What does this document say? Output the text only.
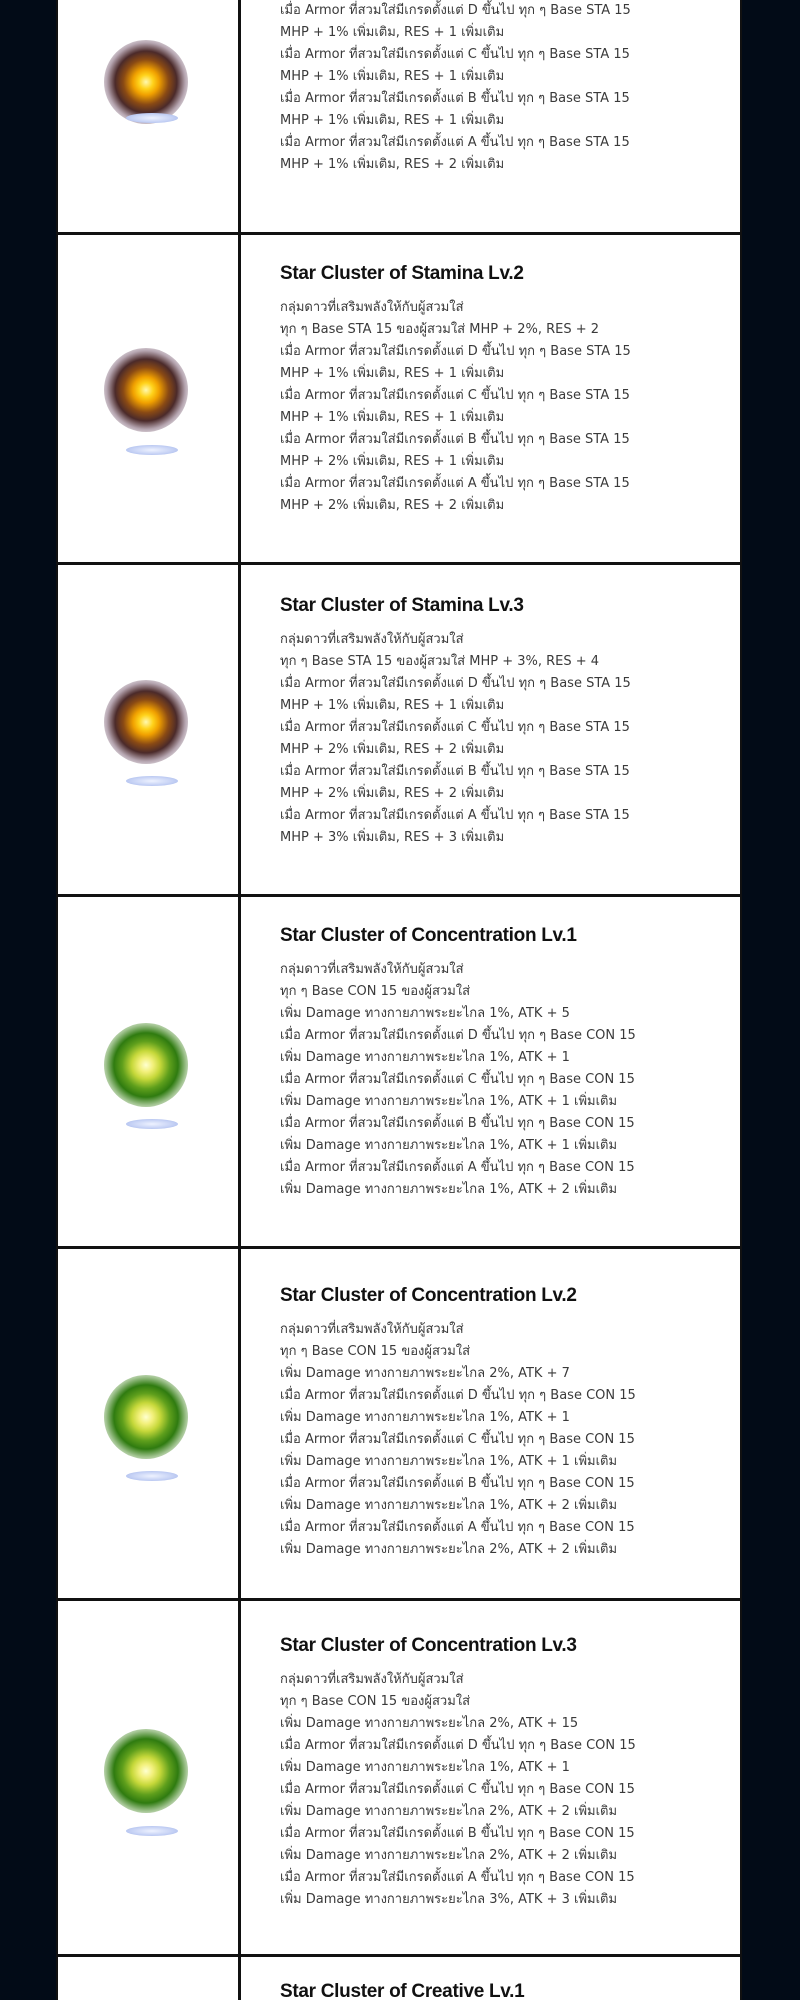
เมื่อ Armor ที่สวมใส่มีเกรดตั้งแต่ D ขึ้นไป ทุก ๆ Base STA 15
MHP + 1% เพิ่มเติม, RES + 1 เพิ่มเติม
เมื่อ Armor ที่สวมใส่มีเกรดตั้งแต่ C ขึ้นไป ทุก ๆ Base STA 15
MHP + 1% เพิ่มเติม, RES + 1 เพิ่มเติม
เมื่อ Armor ที่สวมใส่มีเกรดตั้งแต่ B ขึ้นไป ทุก ๆ Base STA 15
MHP + 1% เพิ่มเติม, RES + 1 เพิ่มเติม
เมื่อ Armor ที่สวมใส่มีเกรดตั้งแต่ A ขึ้นไป ทุก ๆ Base STA 15
MHP + 1% เพิ่มเติม, RES + 2 เพิ่มเติม
Star Cluster of Stamina Lv.2
กลุ่มดาวที่เสริมพลังให้กับผู้สวมใส่
ทุก ๆ Base STA 15 ของผู้สวมใส่ MHP + 2%, RES + 2
เมื่อ Armor ที่สวมใส่มีเกรดตั้งแต่ D ขึ้นไป ทุก ๆ Base STA 15
MHP + 1% เพิ่มเติม, RES + 1 เพิ่มเติม
เมื่อ Armor ที่สวมใส่มีเกรดตั้งแต่ C ขึ้นไป ทุก ๆ Base STA 15
MHP + 1% เพิ่มเติม, RES + 1 เพิ่มเติม
เมื่อ Armor ที่สวมใส่มีเกรดตั้งแต่ B ขึ้นไป ทุก ๆ Base STA 15
MHP + 2% เพิ่มเติม, RES + 1 เพิ่มเติม
เมื่อ Armor ที่สวมใส่มีเกรดตั้งแต่ A ขึ้นไป ทุก ๆ Base STA 15
MHP + 2% เพิ่มเติม, RES + 2 เพิ่มเติม
Star Cluster of Stamina Lv.3
กลุ่มดาวที่เสริมพลังให้กับผู้สวมใส่
ทุก ๆ Base STA 15 ของผู้สวมใส่ MHP + 3%, RES + 4
เมื่อ Armor ที่สวมใส่มีเกรดตั้งแต่ D ขึ้นไป ทุก ๆ Base STA 15
MHP + 1% เพิ่มเติม, RES + 1 เพิ่มเติม
เมื่อ Armor ที่สวมใส่มีเกรดตั้งแต่ C ขึ้นไป ทุก ๆ Base STA 15
MHP + 2% เพิ่มเติม, RES + 2 เพิ่มเติม
เมื่อ Armor ที่สวมใส่มีเกรดตั้งแต่ B ขึ้นไป ทุก ๆ Base STA 15
MHP + 2% เพิ่มเติม, RES + 2 เพิ่มเติม
เมื่อ Armor ที่สวมใส่มีเกรดตั้งแต่ A ขึ้นไป ทุก ๆ Base STA 15
MHP + 3% เพิ่มเติม, RES + 3 เพิ่มเติม
Star Cluster of Concentration Lv.1
กลุ่มดาวที่เสริมพลังให้กับผู้สวมใส่
ทุก ๆ Base CON 15 ของผู้สวมใส่
เพิ่ม Damage ทางกายภาพระยะไกล 1%, ATK + 5
เมื่อ Armor ที่สวมใส่มีเกรดตั้งแต่ D ขึ้นไป ทุก ๆ Base CON 15
เพิ่ม Damage ทางกายภาพระยะไกล 1%, ATK + 1
เมื่อ Armor ที่สวมใส่มีเกรดตั้งแต่ C ขึ้นไป ทุก ๆ Base CON 15
เพิ่ม Damage ทางกายภาพระยะไกล 1%, ATK + 1 เพิ่มเติม
เมื่อ Armor ที่สวมใส่มีเกรดตั้งแต่ B ขึ้นไป ทุก ๆ Base CON 15
เพิ่ม Damage ทางกายภาพระยะไกล 1%, ATK + 1 เพิ่มเติม
เมื่อ Armor ที่สวมใส่มีเกรดตั้งแต่ A ขึ้นไป ทุก ๆ Base CON 15
เพิ่ม Damage ทางกายภาพระยะไกล 1%, ATK + 2 เพิ่มเติม
Star Cluster of Concentration Lv.2
กลุ่มดาวที่เสริมพลังให้กับผู้สวมใส่
ทุก ๆ Base CON 15 ของผู้สวมใส่
เพิ่ม Damage ทางกายภาพระยะไกล 2%, ATK + 7
เมื่อ Armor ที่สวมใส่มีเกรดตั้งแต่ D ขึ้นไป ทุก ๆ Base CON 15
เพิ่ม Damage ทางกายภาพระยะไกล 1%, ATK + 1
เมื่อ Armor ที่สวมใส่มีเกรดตั้งแต่ C ขึ้นไป ทุก ๆ Base CON 15
เพิ่ม Damage ทางกายภาพระยะไกล 1%, ATK + 1 เพิ่มเติม
เมื่อ Armor ที่สวมใส่มีเกรดตั้งแต่ B ขึ้นไป ทุก ๆ Base CON 15
เพิ่ม Damage ทางกายภาพระยะไกล 1%, ATK + 2 เพิ่มเติม
เมื่อ Armor ที่สวมใส่มีเกรดตั้งแต่ A ขึ้นไป ทุก ๆ Base CON 15
เพิ่ม Damage ทางกายภาพระยะไกล 2%, ATK + 2 เพิ่มเติม
Star Cluster of Concentration Lv.3
กลุ่มดาวที่เสริมพลังให้กับผู้สวมใส่
ทุก ๆ Base CON 15 ของผู้สวมใส่
เพิ่ม Damage ทางกายภาพระยะไกล 2%, ATK + 15
เมื่อ Armor ที่สวมใส่มีเกรดตั้งแต่ D ขึ้นไป ทุก ๆ Base CON 15
เพิ่ม Damage ทางกายภาพระยะไกล 1%, ATK + 1
เมื่อ Armor ที่สวมใส่มีเกรดตั้งแต่ C ขึ้นไป ทุก ๆ Base CON 15
เพิ่ม Damage ทางกายภาพระยะไกล 2%, ATK + 2 เพิ่มเติม
เมื่อ Armor ที่สวมใส่มีเกรดตั้งแต่ B ขึ้นไป ทุก ๆ Base CON 15
เพิ่ม Damage ทางกายภาพระยะไกล 2%, ATK + 2 เพิ่มเติม
เมื่อ Armor ที่สวมใส่มีเกรดตั้งแต่ A ขึ้นไป ทุก ๆ Base CON 15
เพิ่ม Damage ทางกายภาพระยะไกล 3%, ATK + 3 เพิ่มเติม
Star Cluster of Creative Lv.1
